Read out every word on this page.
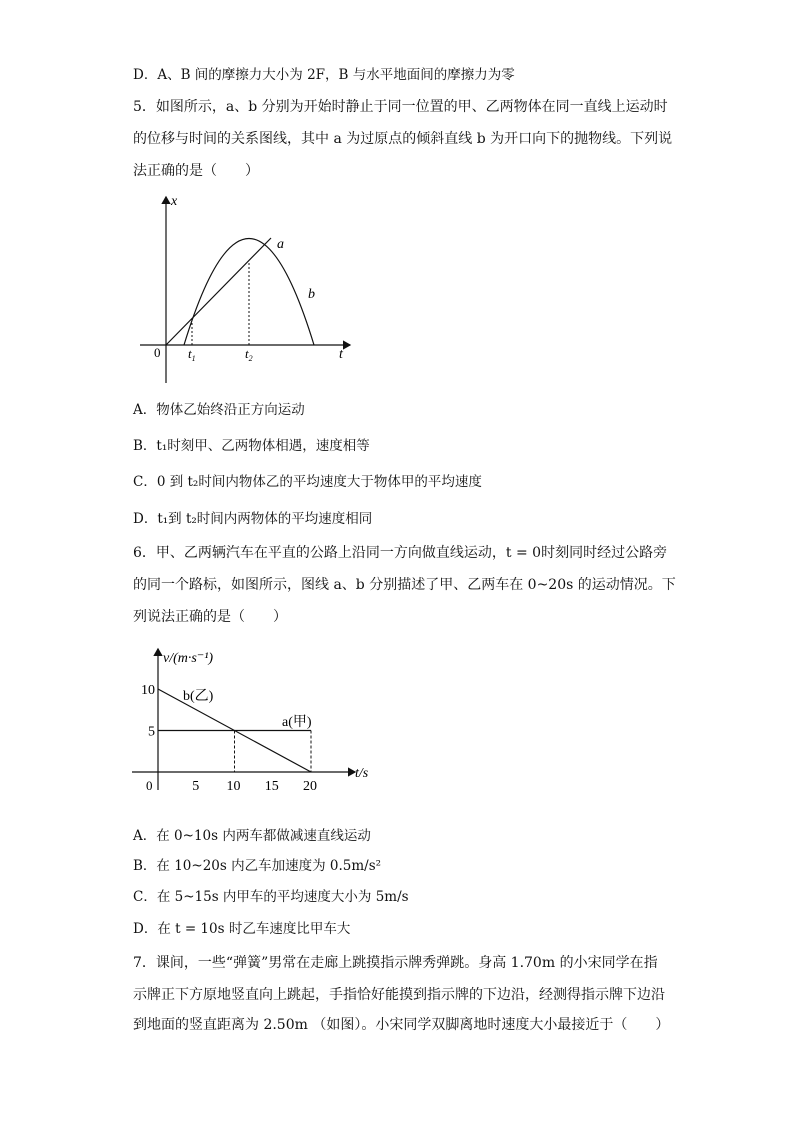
D．A、B 间的摩擦力大小为 2F，B 与水平地面间的摩擦力为零
5．如图所示，a、b 分别为开始时静止于同一位置的甲、乙两物体在同一直线上运动时
的位移与时间的关系图线，其中 a 为过原点的倾斜直线 b 为开口向下的抛物线。下列说
法正确的是（　　）
x
t
0
a
b
$t_1$	$t_2$
A．物体乙始终沿正方向运动
B．t₁时刻甲、乙两物体相遇，速度相等
C．0 到 t₂时间内物体乙的平均速度大于物体甲的平均速度
D．t₁到 t₂时间内两物体的平均速度相同
6．甲、乙两辆汽车在平直的公路上沿同一方向做直线运动，t = 0时刻同时经过公路旁
的同一个路标，如图所示，图线 a、b 分别描述了甲、乙两车在 0~20s 的运动情况。下
列说法正确的是（　　）
v/(m·s⁻¹)
t/s
0	5 10 15 20
5
10
a(甲)
b(乙)
A．在 0~10s 内两车都做减速直线运动
B．在 10~20s 内乙车加速度为 0.5m/s²
C．在 5~15s 内甲车的平均速度大小为 5m/s
D．在 t = 10s 时乙车速度比甲车大
7．课间，一些“弹簧”男常在走廊上跳摸指示牌秀弹跳。身高 1.70m 的小宋同学在指
示牌正下方原地竖直向上跳起，手指恰好能摸到指示牌的下边沿，经测得指示牌下边沿
到地面的竖直距离为 2.50m （如图）。小宋同学双脚离地时速度大小最接近于（　　）
